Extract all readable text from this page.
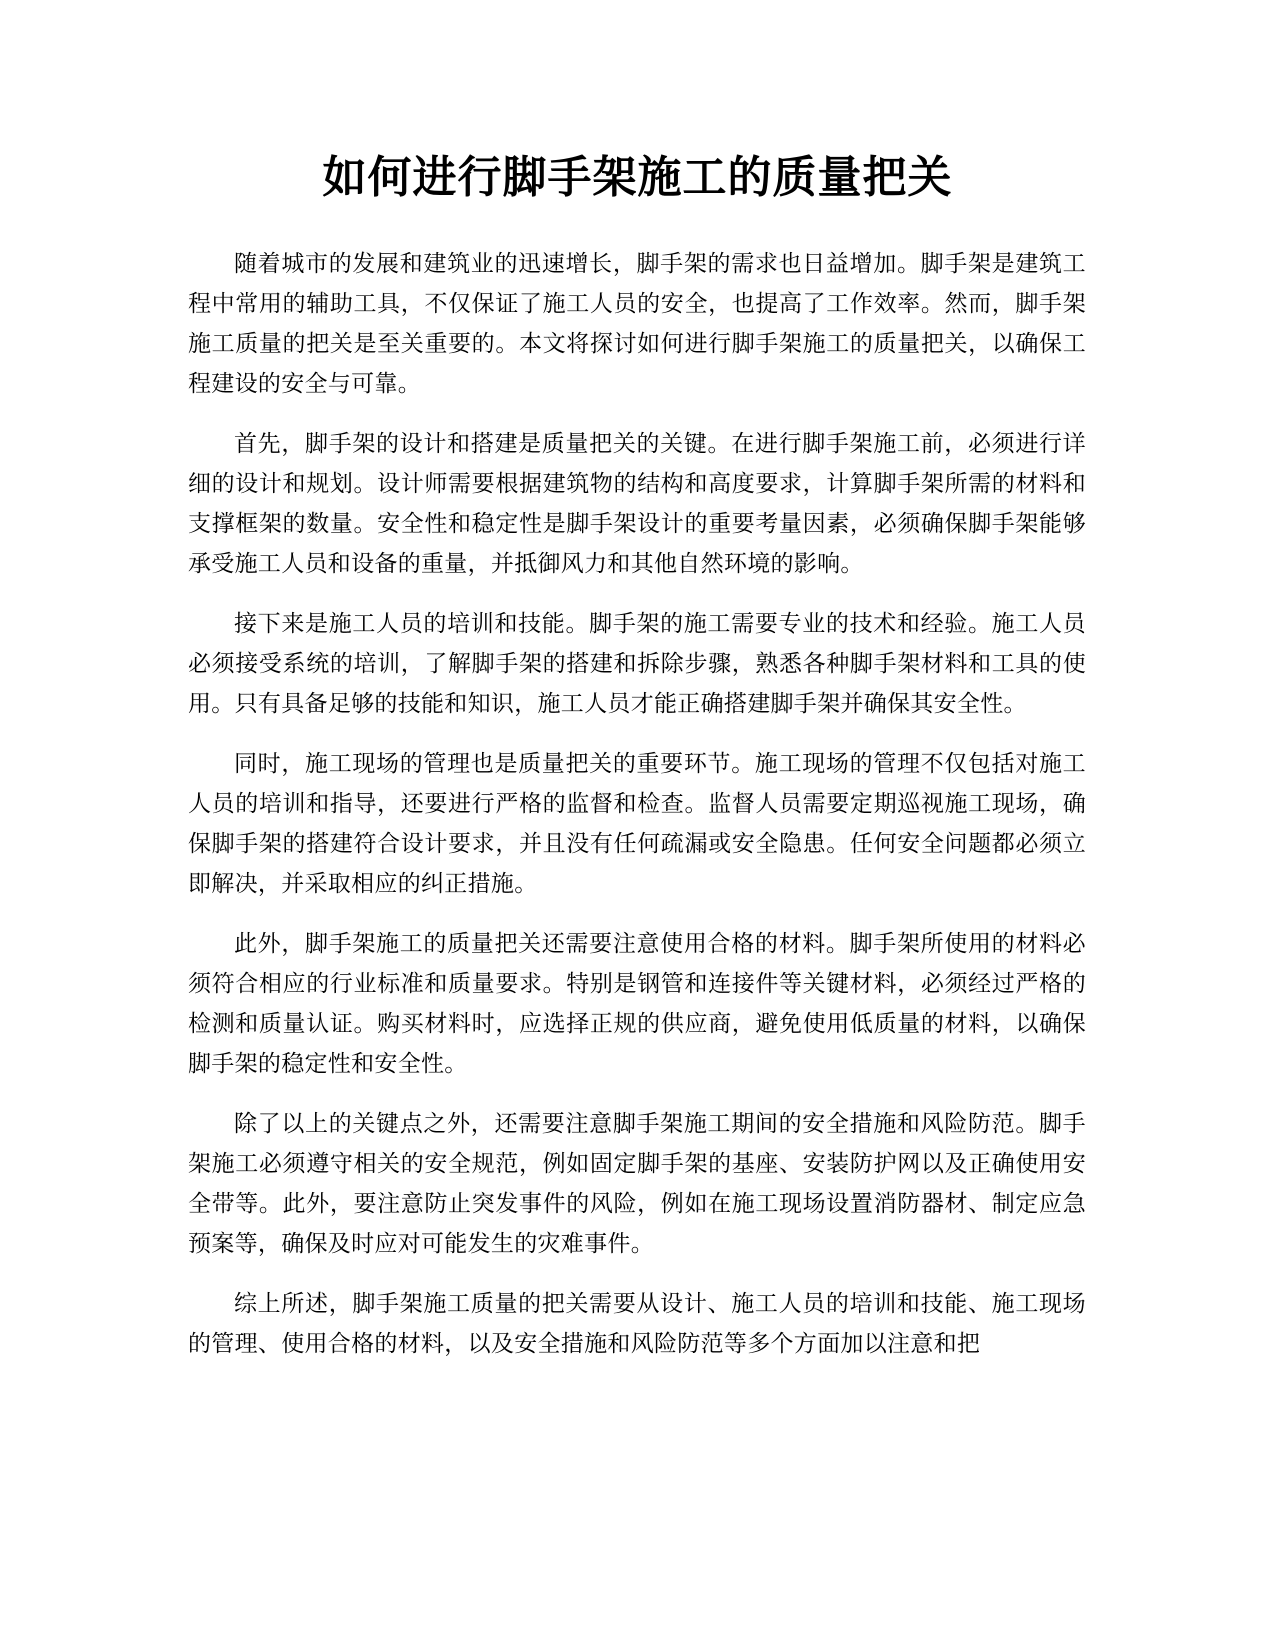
如何进行脚手架施工的质量把关

随着城市的发展和建筑业的迅速增长，脚手架的需求也日益增加。脚手架是建筑工程中常用的辅助工具，不仅保证了施工人员的安全，也提高了工作效率。然而，脚手架施工质量的把关是至关重要的。本文将探讨如何进行脚手架施工的质量把关，以确保工程建设的安全与可靠。

首先，脚手架的设计和搭建是质量把关的关键。在进行脚手架施工前，必须进行详细的设计和规划。设计师需要根据建筑物的结构和高度要求，计算脚手架所需的材料和支撑框架的数量。安全性和稳定性是脚手架设计的重要考量因素，必须确保脚手架能够承受施工人员和设备的重量，并抵御风力和其他自然环境的影响。

接下来是施工人员的培训和技能。脚手架的施工需要专业的技术和经验。施工人员必须接受系统的培训，了解脚手架的搭建和拆除步骤，熟悉各种脚手架材料和工具的使用。只有具备足够的技能和知识，施工人员才能正确搭建脚手架并确保其安全性。

同时，施工现场的管理也是质量把关的重要环节。施工现场的管理不仅包括对施工人员的培训和指导，还要进行严格的监督和检查。监督人员需要定期巡视施工现场，确保脚手架的搭建符合设计要求，并且没有任何疏漏或安全隐患。任何安全问题都必须立即解决，并采取相应的纠正措施。

此外，脚手架施工的质量把关还需要注意使用合格的材料。脚手架所使用的材料必须符合相应的行业标准和质量要求。特别是钢管和连接件等关键材料，必须经过严格的检测和质量认证。购买材料时，应选择正规的供应商，避免使用低质量的材料，以确保脚手架的稳定性和安全性。

除了以上的关键点之外，还需要注意脚手架施工期间的安全措施和风险防范。脚手架施工必须遵守相关的安全规范，例如固定脚手架的基座、安装防护网以及正确使用安全带等。此外，要注意防止突发事件的风险，例如在施工现场设置消防器材、制定应急预案等，确保及时应对可能发生的灾难事件。

综上所述，脚手架施工质量的把关需要从设计、施工人员的培训和技能、施工现场的管理、使用合格的材料，以及安全措施和风险防范等多个方面加以注意和把
